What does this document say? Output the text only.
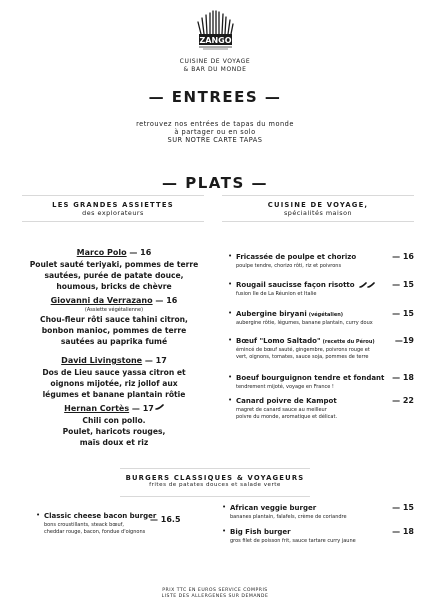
ZANGO
CUISINE DE VOYAGE
& BAR DU MONDE
— ENTREES —
retrouvez nos entrées de tapas du monde
à partager ou en solo
SUR NOTRE CARTE TAPAS
— PLATS —
LES GRANDES ASSIETTES
des explorateurs
CUISINE DE VOYAGE,
spécialités maison
Marco Polo — 16
Poulet sauté teriyaki, pommes de terre
sautées, purée de patate douce,
houmous, bricks de chèvre
Giovanni da Verrazano — 16
(Assiette végétalienne)
Chou-fleur rôti sauce tahini citron,
bonbon manioc, pommes de terre
sautées au paprika fumé
David Livingstone — 17
Dos de Lieu sauce yassa citron et
oignons mijotée, riz jollof aux
légumes et banane plantain rôtie
Hernan Cortès — 17
Chili con pollo.
Poulet, haricots rouges,
maïs doux et riz
• Fricassée de poulpe et chorizo	— 16
poulpe tendre, chorizo rôti, riz et poivrons
• Rougail saucisse façon risotto	— 15
fusion Ile de La Réunion et Italie
• Aubergine biryani (végétalien)	— 15
aubergine rôtie, légumes, banane plantain, curry doux
• Bœuf "Lomo Saltado" (recette du Pérou)	—19
émincé de bœuf sauté, gingembre, poivrons rouge et
vert, oignons, tomates, sauce soja, pommes de terre
• Boeuf bourguignon tendre et fondant — 18
tendrement mijoté, voyage en France !
• Canard poivre de Kampot	— 22
magret de canard sauce au meilleur
poivre du monde, aromatique et délicat.
BURGERS CLASSIQUES & VOYAGEURS
frites de patates douces et salade verte
• Classic cheese bacon burger
bons croustillants, steack bœuf,
cheddar rouge, bacon, fondue d'oignons
— 16.5
• African veggie burger	— 15
bananes plantain, falafels, crème de coriandre
• Big Fish burger	— 18
gros filet de poisson frit, sauce tartare curry jaune
PRIX TTC EN EUROS SERVICE COMPRIS
LISTE DES ALLERGENES SUR DEMANDE
